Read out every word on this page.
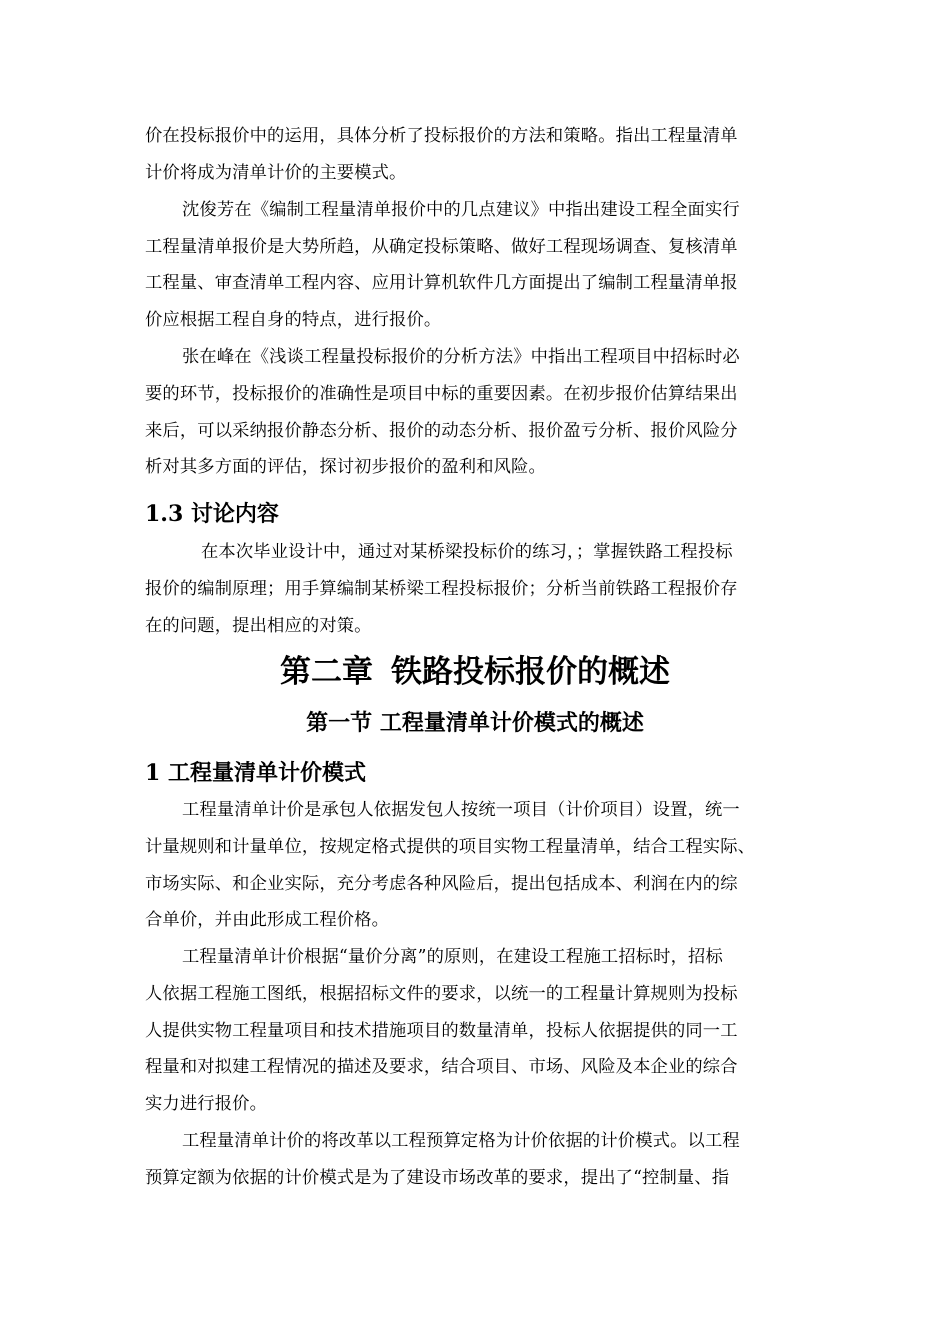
价在投标报价中的运用，具体分析了投标报价的方法和策略。指出工程量清单
计价将成为清单计价的主要模式。
沈俊芳在《编制工程量清单报价中的几点建议》中指出建设工程全面实行
工程量清单报价是大势所趋，从确定投标策略、做好工程现场调查、复核清单
工程量、审查清单工程内容、应用计算机软件几方面提出了编制工程量清单报
价应根据工程自身的特点，进行报价。
张在峰在《浅谈工程量投标报价的分析方法》中指出工程项目中招标时必
要的环节，投标报价的准确性是项目中标的重要因素。在初步报价估算结果出
来后，可以采纳报价静态分析、报价的动态分析、报价盈亏分析、报价风险分
析对其多方面的评估，探讨初步报价的盈利和风险。
1.3 讨论内容
在本次毕业设计中，通过对某桥梁投标价的练习，；掌握铁路工程投标
报价的编制原理；用手算编制某桥梁工程投标报价；分析当前铁路工程报价存
在的问题，提出相应的对策。
第二章 铁路投标报价的概述
第一节 工程量清单计价模式的概述
1 工程量清单计价模式
工程量清单计价是承包人依据发包人按统一项目（计价项目）设置，统一
计量规则和计量单位，按规定格式提供的项目实物工程量清单，结合工程实际、
市场实际、和企业实际，充分考虑各种风险后，提出包括成本、利润在内的综
合单价，并由此形成工程价格。
工程量清单计价根据“量价分离”的原则，在建设工程施工招标时，招标
人依据工程施工图纸，根据招标文件的要求，以统一的工程量计算规则为投标
人提供实物工程量项目和技术措施项目的数量清单，投标人依据提供的同一工
程量和对拟建工程情况的描述及要求，结合项目、市场、风险及本企业的综合
实力进行报价。
工程量清单计价的将改革以工程预算定格为计价依据的计价模式。以工程
预算定额为依据的计价模式是为了建设市场改革的要求，提出了“控制量、指
